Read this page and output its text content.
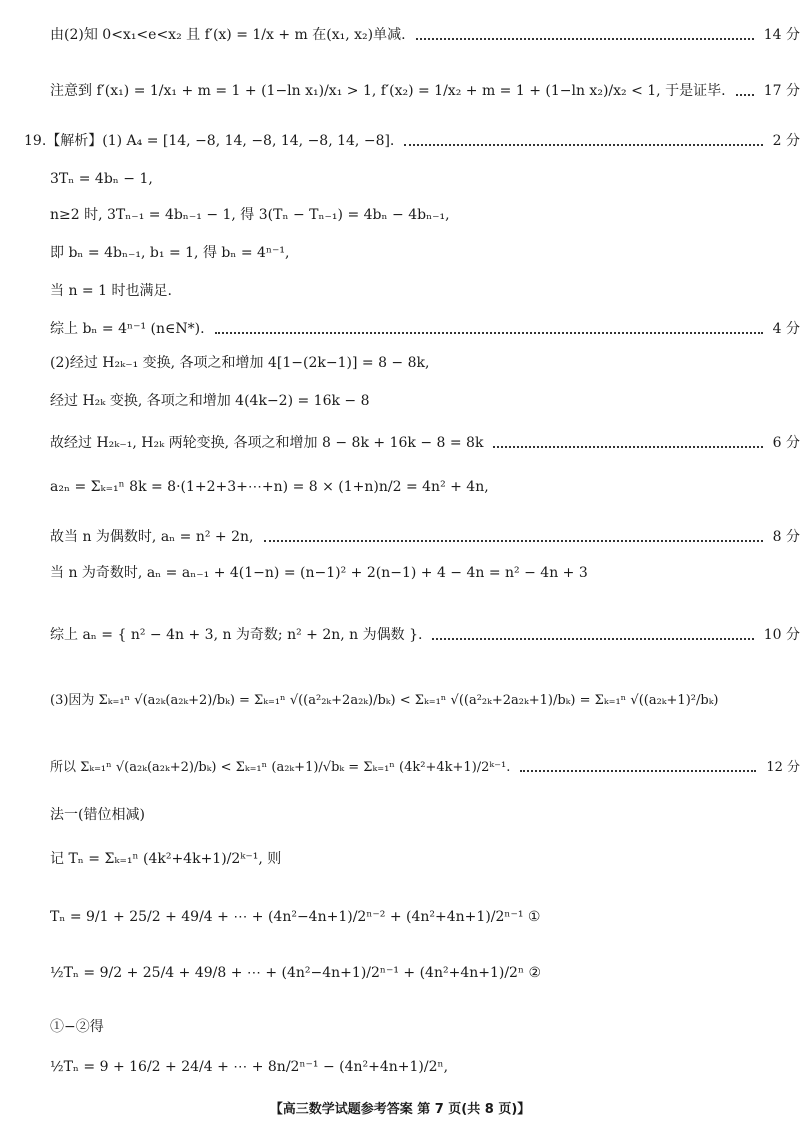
由(2)知 0<x₁<e<x₂ 且 f′(x) = 1/x + m 在(x₁, x₂)单减.	14 分
注意到 f′(x₁) = 1/x₁ + m = 1 + (1−ln x₁)/x₁ > 1, f′(x₂) = 1/x₂ + m = 1 + (1−ln x₂)/x₂ < 1, 于是证毕.	17 分
19.【解析】(1) A₄ = [14, −8, 14, −8, 14, −8, 14, −8].	2 分
3Tₙ = 4bₙ − 1,
n≥2 时, 3Tₙ₋₁ = 4bₙ₋₁ − 1, 得 3(Tₙ − Tₙ₋₁) = 4bₙ − 4bₙ₋₁,
即 bₙ = 4bₙ₋₁, b₁ = 1, 得 bₙ = 4ⁿ⁻¹,
当 n = 1 时也满足.
综上 bₙ = 4ⁿ⁻¹ (n∈N*).	4 分
(2)经过 H₂ₖ₋₁ 变换, 各项之和增加 4[1−(2k−1)] = 8 − 8k,
经过 H₂ₖ 变换, 各项之和增加 4(4k−2) = 16k − 8
故经过 H₂ₖ₋₁, H₂ₖ 两轮变换, 各项之和增加 8 − 8k + 16k − 8 = 8k	6 分
a₂ₙ = Σₖ₌₁ⁿ 8k = 8·(1+2+3+⋯+n) = 8 × (1+n)n/2 = 4n² + 4n,
故当 n 为偶数时, aₙ = n² + 2n,	8 分
当 n 为奇数时, aₙ = aₙ₋₁ + 4(1−n) = (n−1)² + 2(n−1) + 4 − 4n = n² − 4n + 3
综上 aₙ = { n² − 4n + 3, n 为奇数; n² + 2n, n 为偶数 }.	10 分
(3)因为 Σₖ₌₁ⁿ √(a₂ₖ(a₂ₖ+2)/bₖ) = Σₖ₌₁ⁿ √((a²₂ₖ+2a₂ₖ)/bₖ) < Σₖ₌₁ⁿ √((a²₂ₖ+2a₂ₖ+1)/bₖ) = Σₖ₌₁ⁿ √((a₂ₖ+1)²/bₖ)
所以 Σₖ₌₁ⁿ √(a₂ₖ(a₂ₖ+2)/bₖ) < Σₖ₌₁ⁿ (a₂ₖ+1)/√bₖ = Σₖ₌₁ⁿ (4k²+4k+1)/2ᵏ⁻¹.	12 分
法一(错位相减)
记 Tₙ = Σₖ₌₁ⁿ (4k²+4k+1)/2ᵏ⁻¹, 则
Tₙ = 9/1 + 25/2 + 49/4 + ⋯ + (4n²−4n+1)/2ⁿ⁻² + (4n²+4n+1)/2ⁿ⁻¹ ①
½Tₙ = 9/2 + 25/4 + 49/8 + ⋯ + (4n²−4n+1)/2ⁿ⁻¹ + (4n²+4n+1)/2ⁿ ②
①−②得
½Tₙ = 9 + 16/2 + 24/4 + ⋯ + 8n/2ⁿ⁻¹ − (4n²+4n+1)/2ⁿ,
【高三数学试题参考答案 第 7 页(共 8 页)】
